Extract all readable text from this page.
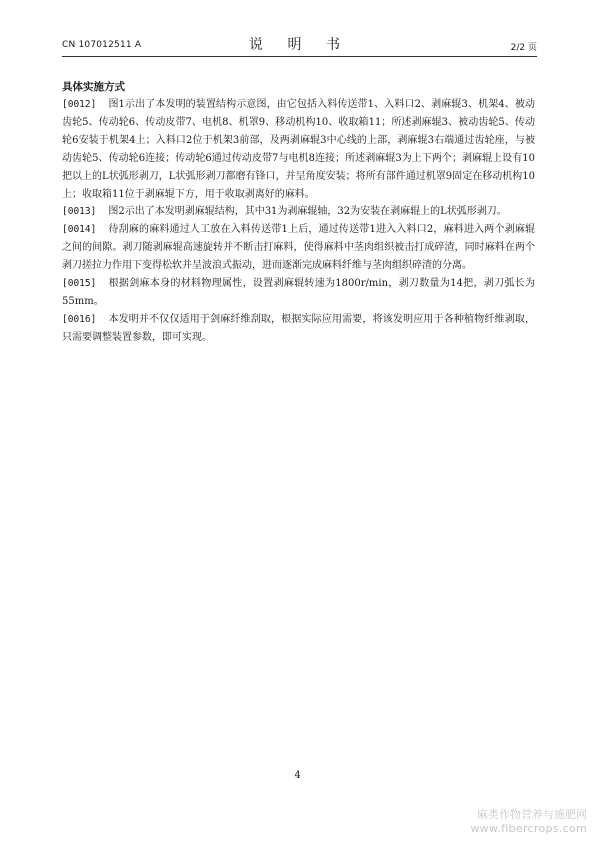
CN 107012511 A	说 明 书	2/2 页
具体实施方式

[0012] 图1示出了本发明的装置结构示意图，由它包括入料传送带1、入料口2、剥麻辊3、机架4、被动齿轮5、传动轮6、传动皮带7、电机8、机罩9、移动机构10、收取箱11；所述剥麻辊3、被动齿轮5、传动轮6安装于机架4上；入料口2位于机架3前部，及两剥麻辊3中心线的上部，剥麻辊3右端通过齿轮座，与被动齿轮5、传动轮6连接；传动轮6通过传动皮带7与电机8连接；所述剥麻辊3为上下两个；剥麻辊上设有10把以上的L状弧形剥刀，L状弧形剥刀都磨有锋口，并呈角度安装；将所有部件通过机罩9固定在移动机构10上；收取箱11位于剥麻辊下方，用于收取剥离好的麻料。

[0013] 图2示出了本发明剥麻辊结构，其中31为剥麻辊轴，32为安装在剥麻辊上的L状弧形剥刀。

[0014] 待刮麻的麻料通过人工放在入料传送带1上后，通过传送带1进入入料口2，麻料进入两个剥麻辊之间的间隙。剥刀随剥麻辊高速旋转并不断击打麻料，使得麻料中茎肉组织被击打成碎渣，同时麻料在两个剥刀搓拉力作用下变得松软并呈波浪式振动，进而逐渐完成麻料纤维与茎肉组织碎渣的分离。

[0015] 根据剑麻本身的材料物理属性，设置剥麻辊转速为1800r/min，剥刀数量为14把，剥刀弧长为55mm。

[0016] 本发明并不仅仅适用于剑麻纤维刮取，根据实际应用需要，将该发明应用于各种植物纤维剥取，只需要调整装置参数，即可实现。

4
麻类作物营养与施肥网
www.fibercrops.com
